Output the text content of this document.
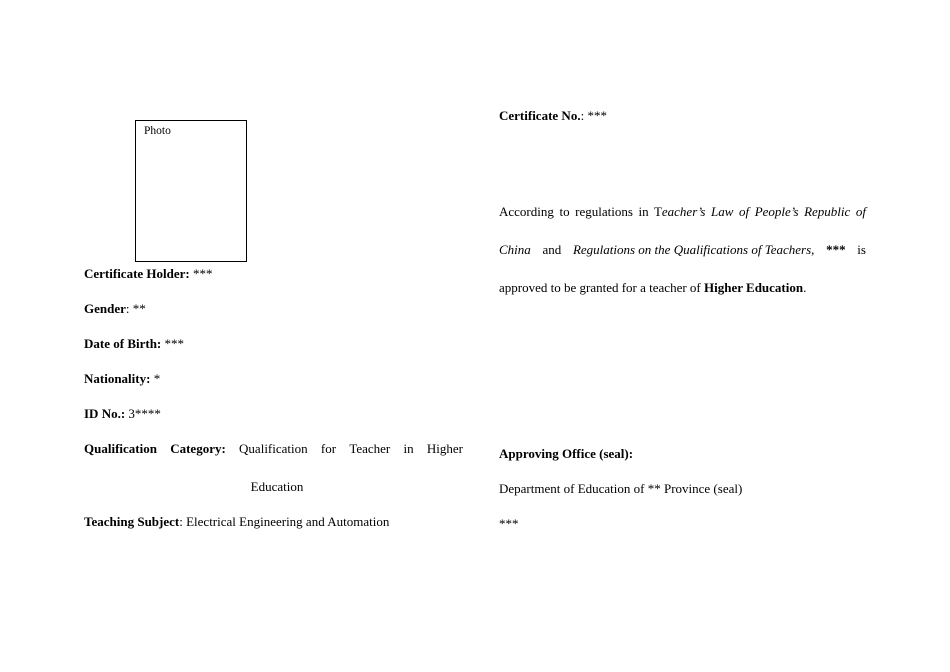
Photo
Certificate Holder: ***
Gender: **
Date of Birth: ***
Nationality: *
ID No.: 3****
Qualification Category: Qualification for Teacher in Higher
Education
Teaching Subject: Electrical Engineering and Automation
Certificate No.: ***
According to regulations in Teacher’s Law of People’s Republic of
China and Regulations on the Qualifications of Teachers, *** is
approved to be granted for a teacher of Higher Education.
Approving Office (seal):
Department of Education of ** Province (seal)
***
